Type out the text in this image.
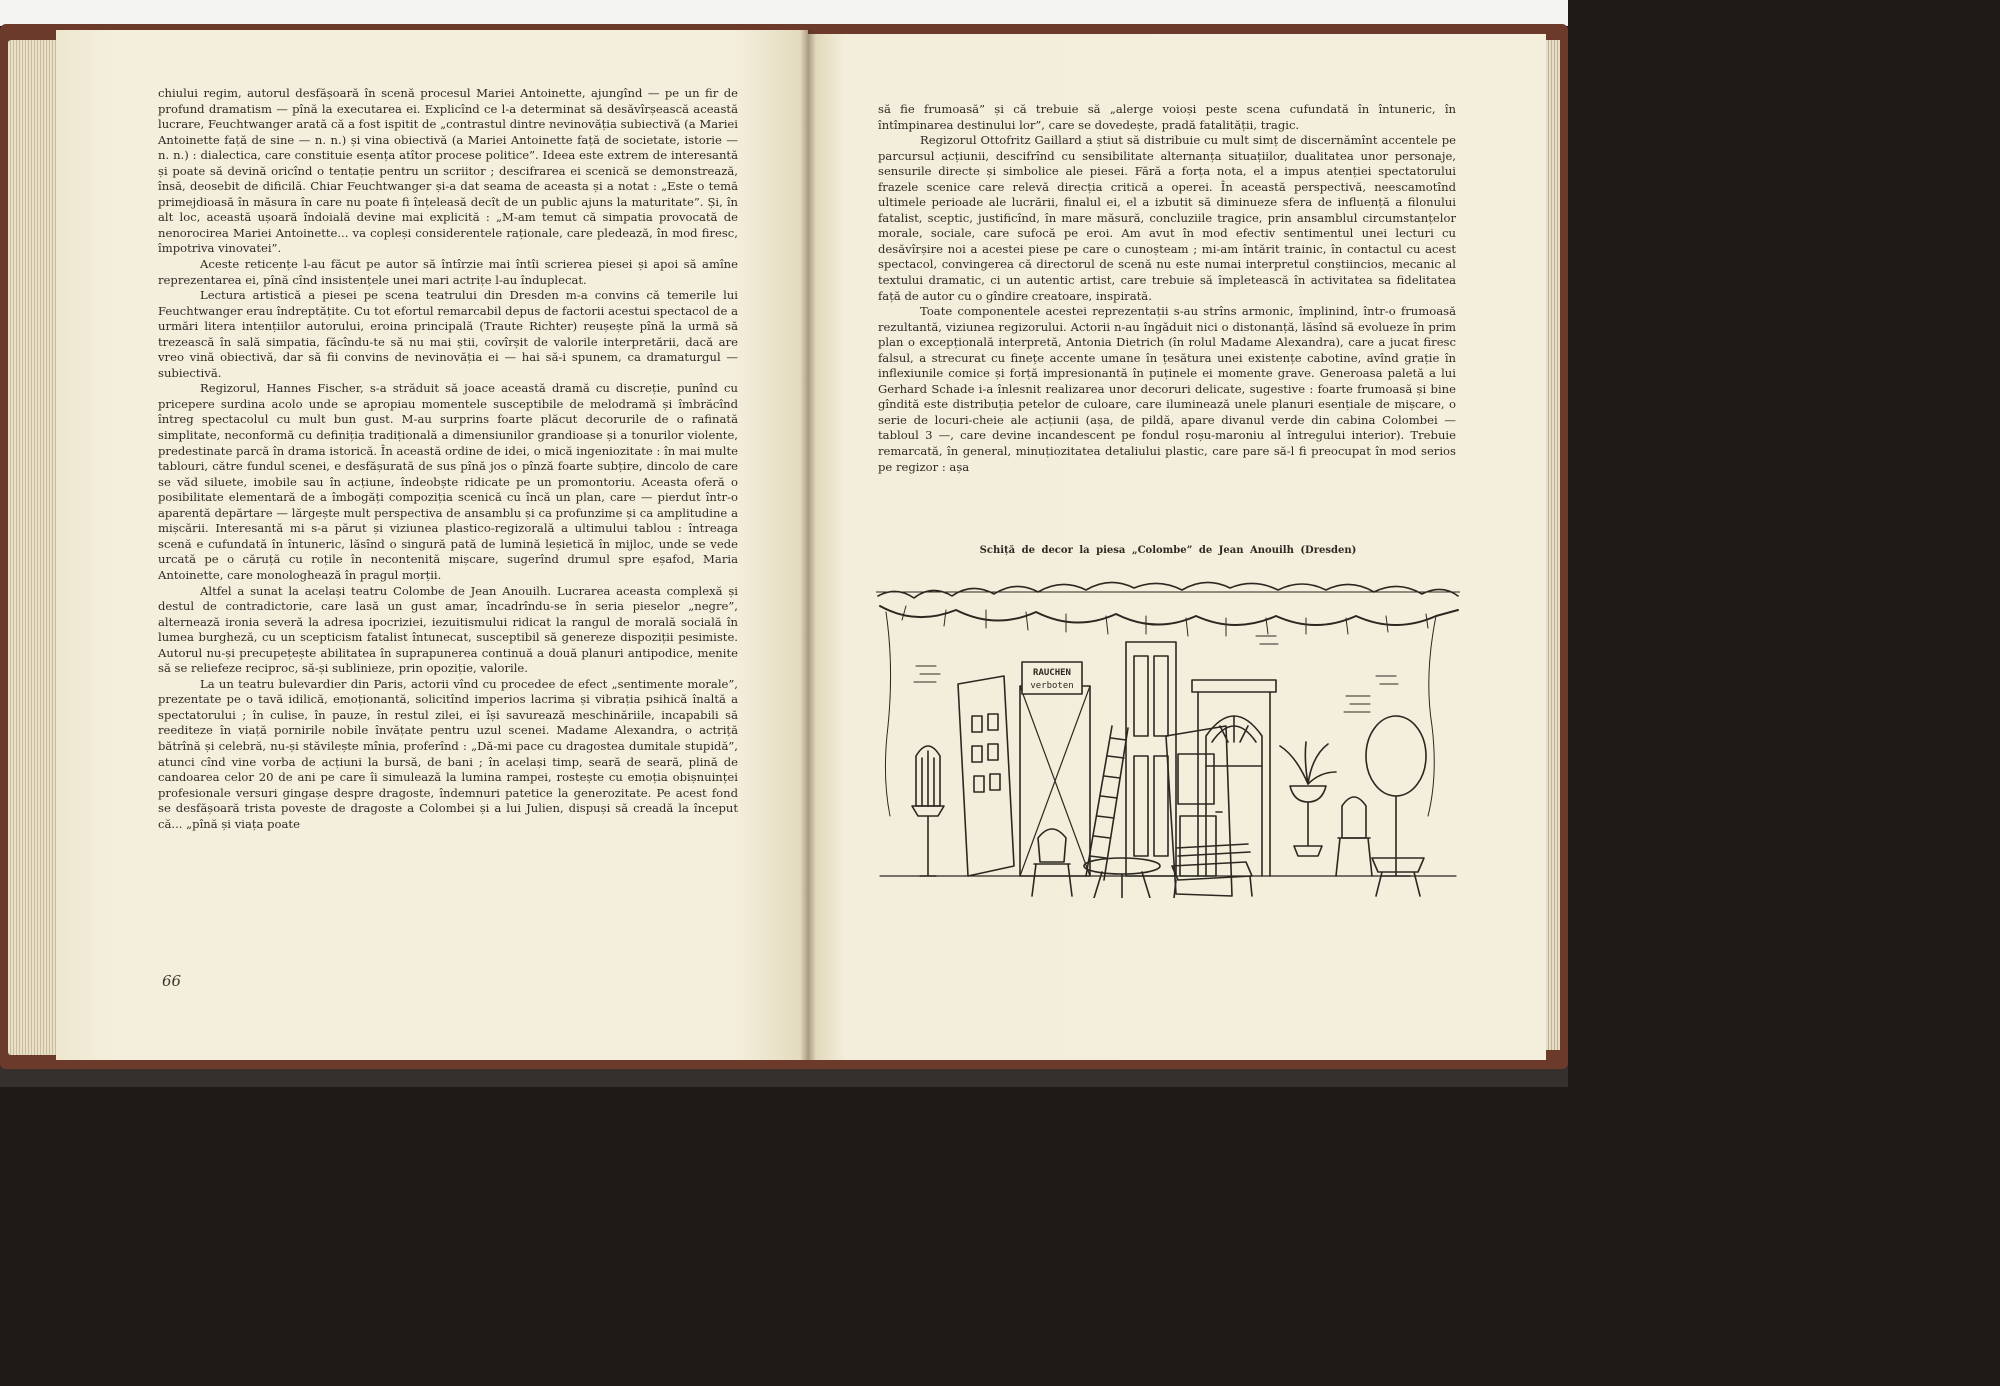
chiului regim, autorul desfășoară în scenă procesul Mariei Antoinette, ajungînd — pe un fir de profund dramatism — pînă la executarea ei. Explicînd ce l-a determinat să desăvîrșească această lucrare, Feuchtwanger arată că a fost ispitit de „contrastul dintre nevinovăția subiectivă (a Mariei Antoinette față de sine — n. n.) și vina obiectivă (a Mariei Antoinette față de societate, istorie — n. n.) : dialectica, care constituie esența atîtor procese politice”. Ideea este extrem de interesantă și poate să devină oricînd o tentație pentru un scriitor ; descifrarea ei scenică se demonstrează, însă, deosebit de dificilă. Chiar Feuchtwanger și-a dat seama de aceasta și a notat : „Este o temă primejdioasă în măsura în care nu poate fi înțeleasă decît de un public ajuns la maturitate”. Și, în alt loc, această ușoară îndoială devine mai explicită : „M-am temut că simpatia provocată de nenorocirea Mariei Antoinette... va copleși considerentele raționale, care pledează, în mod firesc, împotriva vinovatei”.

Aceste reticențe l-au făcut pe autor să întîrzie mai întîi scrierea piesei și apoi să amîne reprezentarea ei, pînă cînd insistențele unei mari actrițe l-au înduplecat.

Lectura artistică a piesei pe scena teatrului din Dresden m-a convins că temerile lui Feuchtwanger erau îndreptățite. Cu tot efortul remarcabil depus de factorii acestui spectacol de a urmări litera intențiilor autorului, eroina principală (Traute Richter) reușește pînă la urmă să trezească în sală simpatia, făcîndu-te să nu mai știi, covîrșit de valorile interpretării, dacă are vreo vină obiectivă, dar să fii convins de nevinovăția ei — hai să-i spunem, ca dramaturgul — subiectivă.

Regizorul, Hannes Fischer, s-a străduit să joace această dramă cu discreție, punînd cu pricepere surdina acolo unde se apropiau momentele susceptibile de melodramă și îmbrăcînd întreg spectacolul cu mult bun gust. M-au surprins foarte plăcut decorurile de o rafinată simplitate, neconformă cu definiția tradițională a dimensiunilor grandioase și a tonurilor violente, predestinate parcă în drama istorică. În această ordine de idei, o mică ingeniozitate : în mai multe tablouri, către fundul scenei, e desfășurată de sus pînă jos o pînză foarte subțire, dincolo de care se văd siluete, imobile sau în acțiune, îndeobște ridicate pe un promontoriu. Aceasta oferă o posibilitate elementară de a îmbogăți compoziția scenică cu încă un plan, care — pierdut într-o aparentă depărtare — lărgește mult perspectiva de ansamblu și ca profunzime și ca amplitudine a mișcării. Interesantă mi s-a părut și viziunea plastico-regizorală a ultimului tablou : întreaga scenă e cufundată în întuneric, lăsînd o singură pată de lumină leșietică în mijloc, unde se vede urcată pe o căruță cu roțile în necontenită mișcare, sugerînd drumul spre eșafod, Maria Antoinette, care monologhează în pragul morții.

Altfel a sunat la același teatru Colombe de Jean Anouilh. Lucrarea aceasta complexă și destul de contradictorie, care lasă un gust amar, încadrîndu-se în seria pieselor „negre”, alternează ironia severă la adresa ipocriziei, iezuitismului ridicat la rangul de morală socială în lumea burgheză, cu un scepticism fatalist întunecat, susceptibil să genereze dispoziții pesimiste. Autorul nu-și precupețește abilitatea în suprapunerea continuă a două planuri antipodice, menite să se reliefeze reciproc, să-și sublinieze, prin opoziție, valorile.

La un teatru bulevardier din Paris, actorii vînd cu procedee de efect „sentimente morale”, prezentate pe o tavă idilică, emoționantă, solicitînd imperios lacrima și vibrația psihică înaltă a spectatorului ; în culise, în pauze, în restul zilei, ei își savurează meschinăriile, incapabili să reediteze în viață pornirile nobile învățate pentru uzul scenei. Madame Alexandra, o actriță bătrînă și celebră, nu-și stăvilește mînia, proferînd : „Dă-mi pace cu dragostea dumitale stupidă”, atunci cînd vine vorba de acțiuni la bursă, de bani ; în același timp, seară de seară, plină de candoarea celor 20 de ani pe care îi simulează la lumina rampei, rostește cu emoția obișnuinței profesionale versuri gingașe despre dragoste, îndemnuri patetice la generozitate. Pe acest fond se desfășoară trista poveste de dragoste a Colombei și a lui Julien, dispuși să creadă la început că... „pînă și viața poate

66

să fie frumoasă” și că trebuie să „alerge voioși peste scena cufundată în întuneric, în întîmpinarea destinului lor”, care se dovedește, pradă fatalității, tragic.

Regizorul Ottofritz Gaillard a știut să distribuie cu mult simț de discernămînt accentele pe parcursul acțiunii, descifrînd cu sensibilitate alternanța situațiilor, dualitatea unor personaje, sensurile directe și simbolice ale piesei. Fără a forța nota, el a impus atenției spectatorului frazele scenice care relevă direcția critică a operei. În această perspectivă, neescamotînd ultimele perioade ale lucrării, finalul ei, el a izbutit să diminueze sfera de influență a filonului fatalist, sceptic, justificînd, în mare măsură, concluziile tragice, prin ansamblul circumstanțelor morale, sociale, care sufocă pe eroi. Am avut în mod efectiv sentimentul unei lecturi cu desăvîrșire noi a acestei piese pe care o cunoșteam ; mi-am întărit trainic, în contactul cu acest spectacol, convingerea că directorul de scenă nu este numai interpretul conștiincios, mecanic al textului dramatic, ci un autentic artist, care trebuie să împletească în activitatea sa fidelitatea față de autor cu o gîndire creatoare, inspirată.

Toate componentele acestei reprezentații s-au strîns armonic, împlinind, într-o frumoasă rezultantă, viziunea regizorului. Actorii n-au îngăduit nici o distonanță, lăsînd să evolueze în prim plan o excepțională interpretă, Antonia Dietrich (în rolul Madame Alexandra), care a jucat firesc falsul, a strecurat cu finețe accente umane în țesătura unei existențe cabotine, avînd grație în inflexiunile comice și forță impresionantă în puținele ei momente grave. Generoasa paletă a lui Gerhard Schade i-a înlesnit realizarea unor decoruri delicate, sugestive : foarte frumoasă și bine gîndită este distribuția petelor de culoare, care iluminează unele planuri esențiale de mișcare, o serie de locuri-cheie ale acțiunii (așa, de pildă, apare divanul verde din cabina Colombei — tabloul 3 —, care devine incandescent pe fondul roșu-maroniu al întregului interior). Trebuie remarcată, în general, minuțiozitatea detaliului plastic, care pare să-l fi preocupat în mod serios pe regizor : așa

Schiță de decor la piesa „Colombe” de Jean Anouilh (Dresden)
RAUCHEN
verboten
